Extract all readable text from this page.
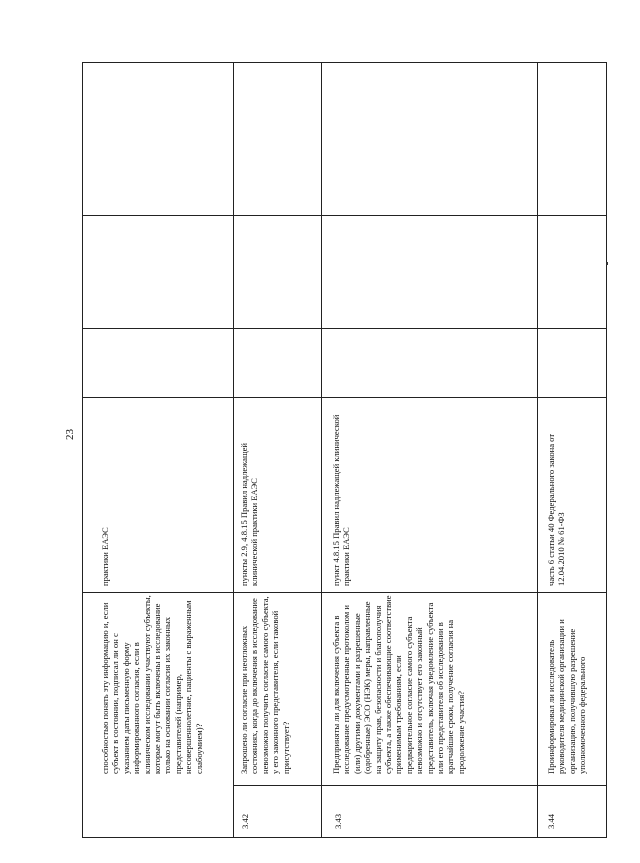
23
способностью понять эту информацию и, если субъект в состоянии, подписал ли он с указанием даты письменную форму информированного согласия, если в клиническом исследовании участвуют субъекты, которые могут быть включены в исследование только на основании согласия их законных представителей (например, несовершеннолетние, пациенты с выраженным слабоумием)?
практики ЕАЭС
3.42
Запрошено ли согласие при неотложных состояниях, когда до включения в исследование невозможно получить согласие самого субъекта, у его законного представителя, если таковой присутствует?
пункты 2.9, 4.8.15 Правил надлежащей клинической практики ЕАЭС
3.43
Предприняты ли для включения субъекта в исследование предусмотренные протоколом и (или) другими документами и разрешенные (одобренные) ЭСО (НЭК) меры, направленные на защиту прав, безопасности и благополучия субъекта, а также обеспечивающие соответствие применимым требованиям, если предварительное согласие самого субъекта невозможно и отсутствует его законный представитель, включая уведомление субъекта или его представителя об исследовании в кратчайшие сроки, получение согласия на продолжение участия?
пункт 4.8.15 Правил надлежащей клинической практики ЕАЭС
3.44
Проинформировал ли исследователь руководителя медицинской организации и организацию, получившую разрешение уполномоченного федерального
часть 6 статьи 40 Федерального закона от 12.04.2010 № 61-ФЗ
